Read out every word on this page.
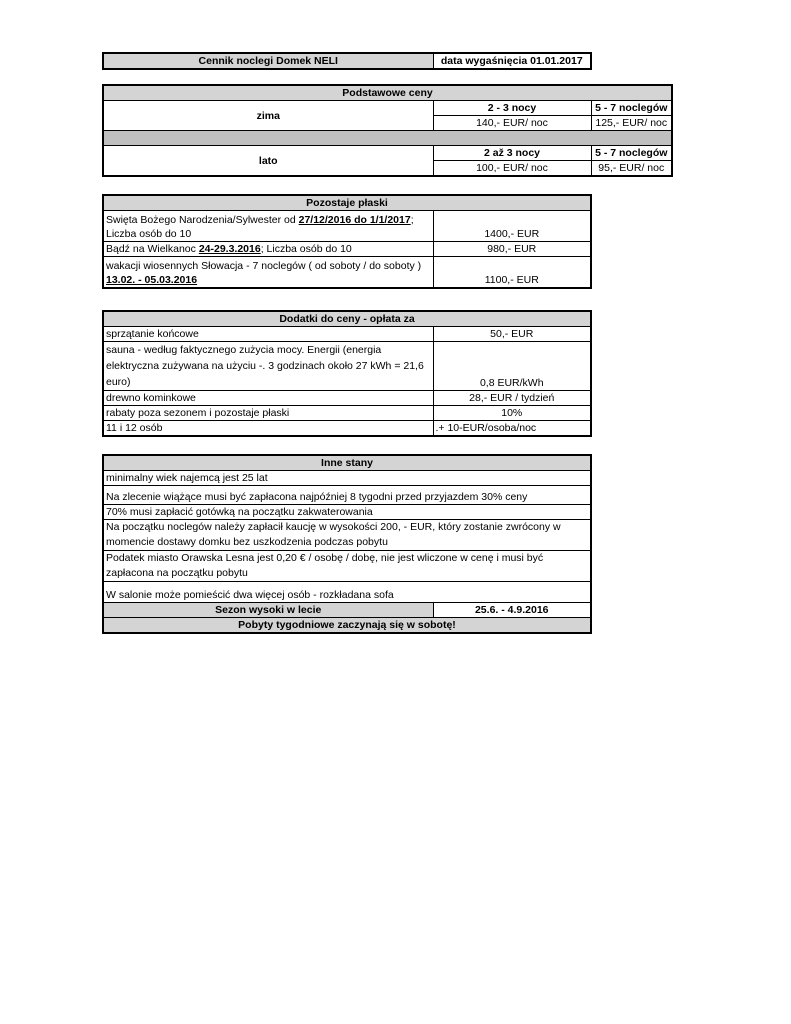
Cennik noclegi Domek NELI	data wygaśnięcia 01.01.2017
Podstawowe ceny		
zima	2 - 3 nocy	5 - 7 noclegów
	140,- EUR/ noc	125,- EUR/ noc

lato	2 až 3 nocy	5 - 7 noclegów
	100,- EUR/ noc	95,- EUR/ noc
Pozostaje płaski	
Swięta Bożego Narodzenia/Sylwester od 27/12/2016 do 1/1/2017;
Liczba osób do 10	1400,- EUR
Bądź na Wielkanoc 24-29.3.2016; Liczba osób do 10	980,- EUR
wakacji wiosennych Słowacja - 7 noclegów ( od soboty / do soboty )
13.02. - 05.03.2016	1100,- EUR
Dodatki do ceny - opłata za	
sprzątanie końcowe	50,- EUR
sauna - według faktycznego zużycia mocy. Energii (energia elektryczna zużywana na użyciu -. 3 godzinach około 27 kWh = 21,6 euro)	0,8 EUR/kWh
drewno kominkowe	28,- EUR / tydzień
rabaty poza sezonem i pozostaje płaski	10%
11 i 12 osób	.+ 10-EUR/osoba/noc
Inne stany
minimalny wiek najemcą jest 25 lat
Na zlecenie wiążące musi być zapłacona najpóźniej 8 tygodni przed przyjazdem 30% ceny
70% musi zapłacić gotówką na początku zakwaterowania
Na początku noclegów należy zapłacił kaucję w wysokości 200, - EUR, który zostanie zwrócony w momencie dostawy domku bez uszkodzenia podczas pobytu
Podatek miasto Orawska Lesna jest 0,20 € / osobę / dobę, nie jest wliczone w cenę i musi być zapłacona na początku pobytu
W salonie może pomieścić dwa więcej osób - rozkładana sofa
Sezon wysoki w lecie	25.6. - 4.9.2016
Pobyty tygodniowe zaczynają się w sobotę!
